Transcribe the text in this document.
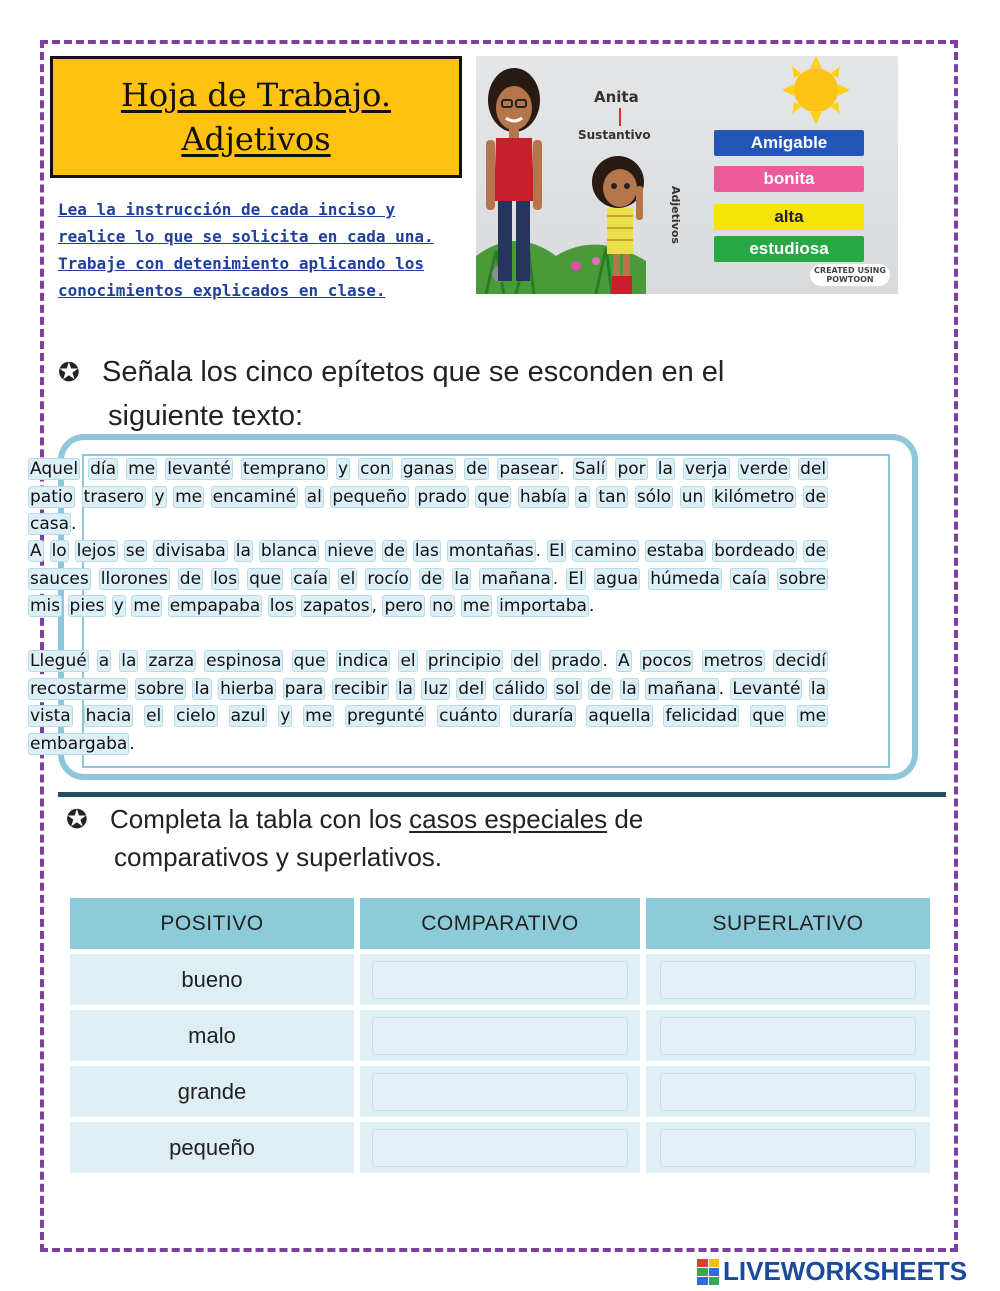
Hoja de Trabajo.
Adjetivos
Lea la instrucción de cada inciso y realice lo que se solicita en cada una. Trabaje con detenimiento aplicando los conocimientos explicados en clase.
Anita
Sustantivo
Adjetivos
Amigable
bonita
alta
estudiosa
CREATED USING
POWTOON
✪ Señala los cinco epítetos que se esconden en el
siguiente texto:
Aquel día me levanté temprano y con ganas de pasear . Salí por la verja verde del patio trasero y me encaminé al pequeño prado que había a tan sólo un kilómetro de casa .
A lo lejos se divisaba la blanca nieve de las montañas . El camino estaba bordeado de sauces llorones de los que caía el rocío de la mañana . El agua húmeda caía sobre mis pies y me empapaba los zapatos , pero no me importaba .
Llegué a la zarza espinosa que indica el principio del prado . A pocos metros decidí recostarme sobre la hierba para recibir la luz del cálido sol de la mañana . Levanté la vista hacia el cielo azul y me pregunté cuánto duraría aquella felicidad que me embargaba .
✪ Completa la tabla con los casos especiales de
comparativos y superlativos.
POSITIVO	COMPARATIVO	SUPERLATIVO
bueno
malo
grande
pequeño
LIVEWORKSHEETS
